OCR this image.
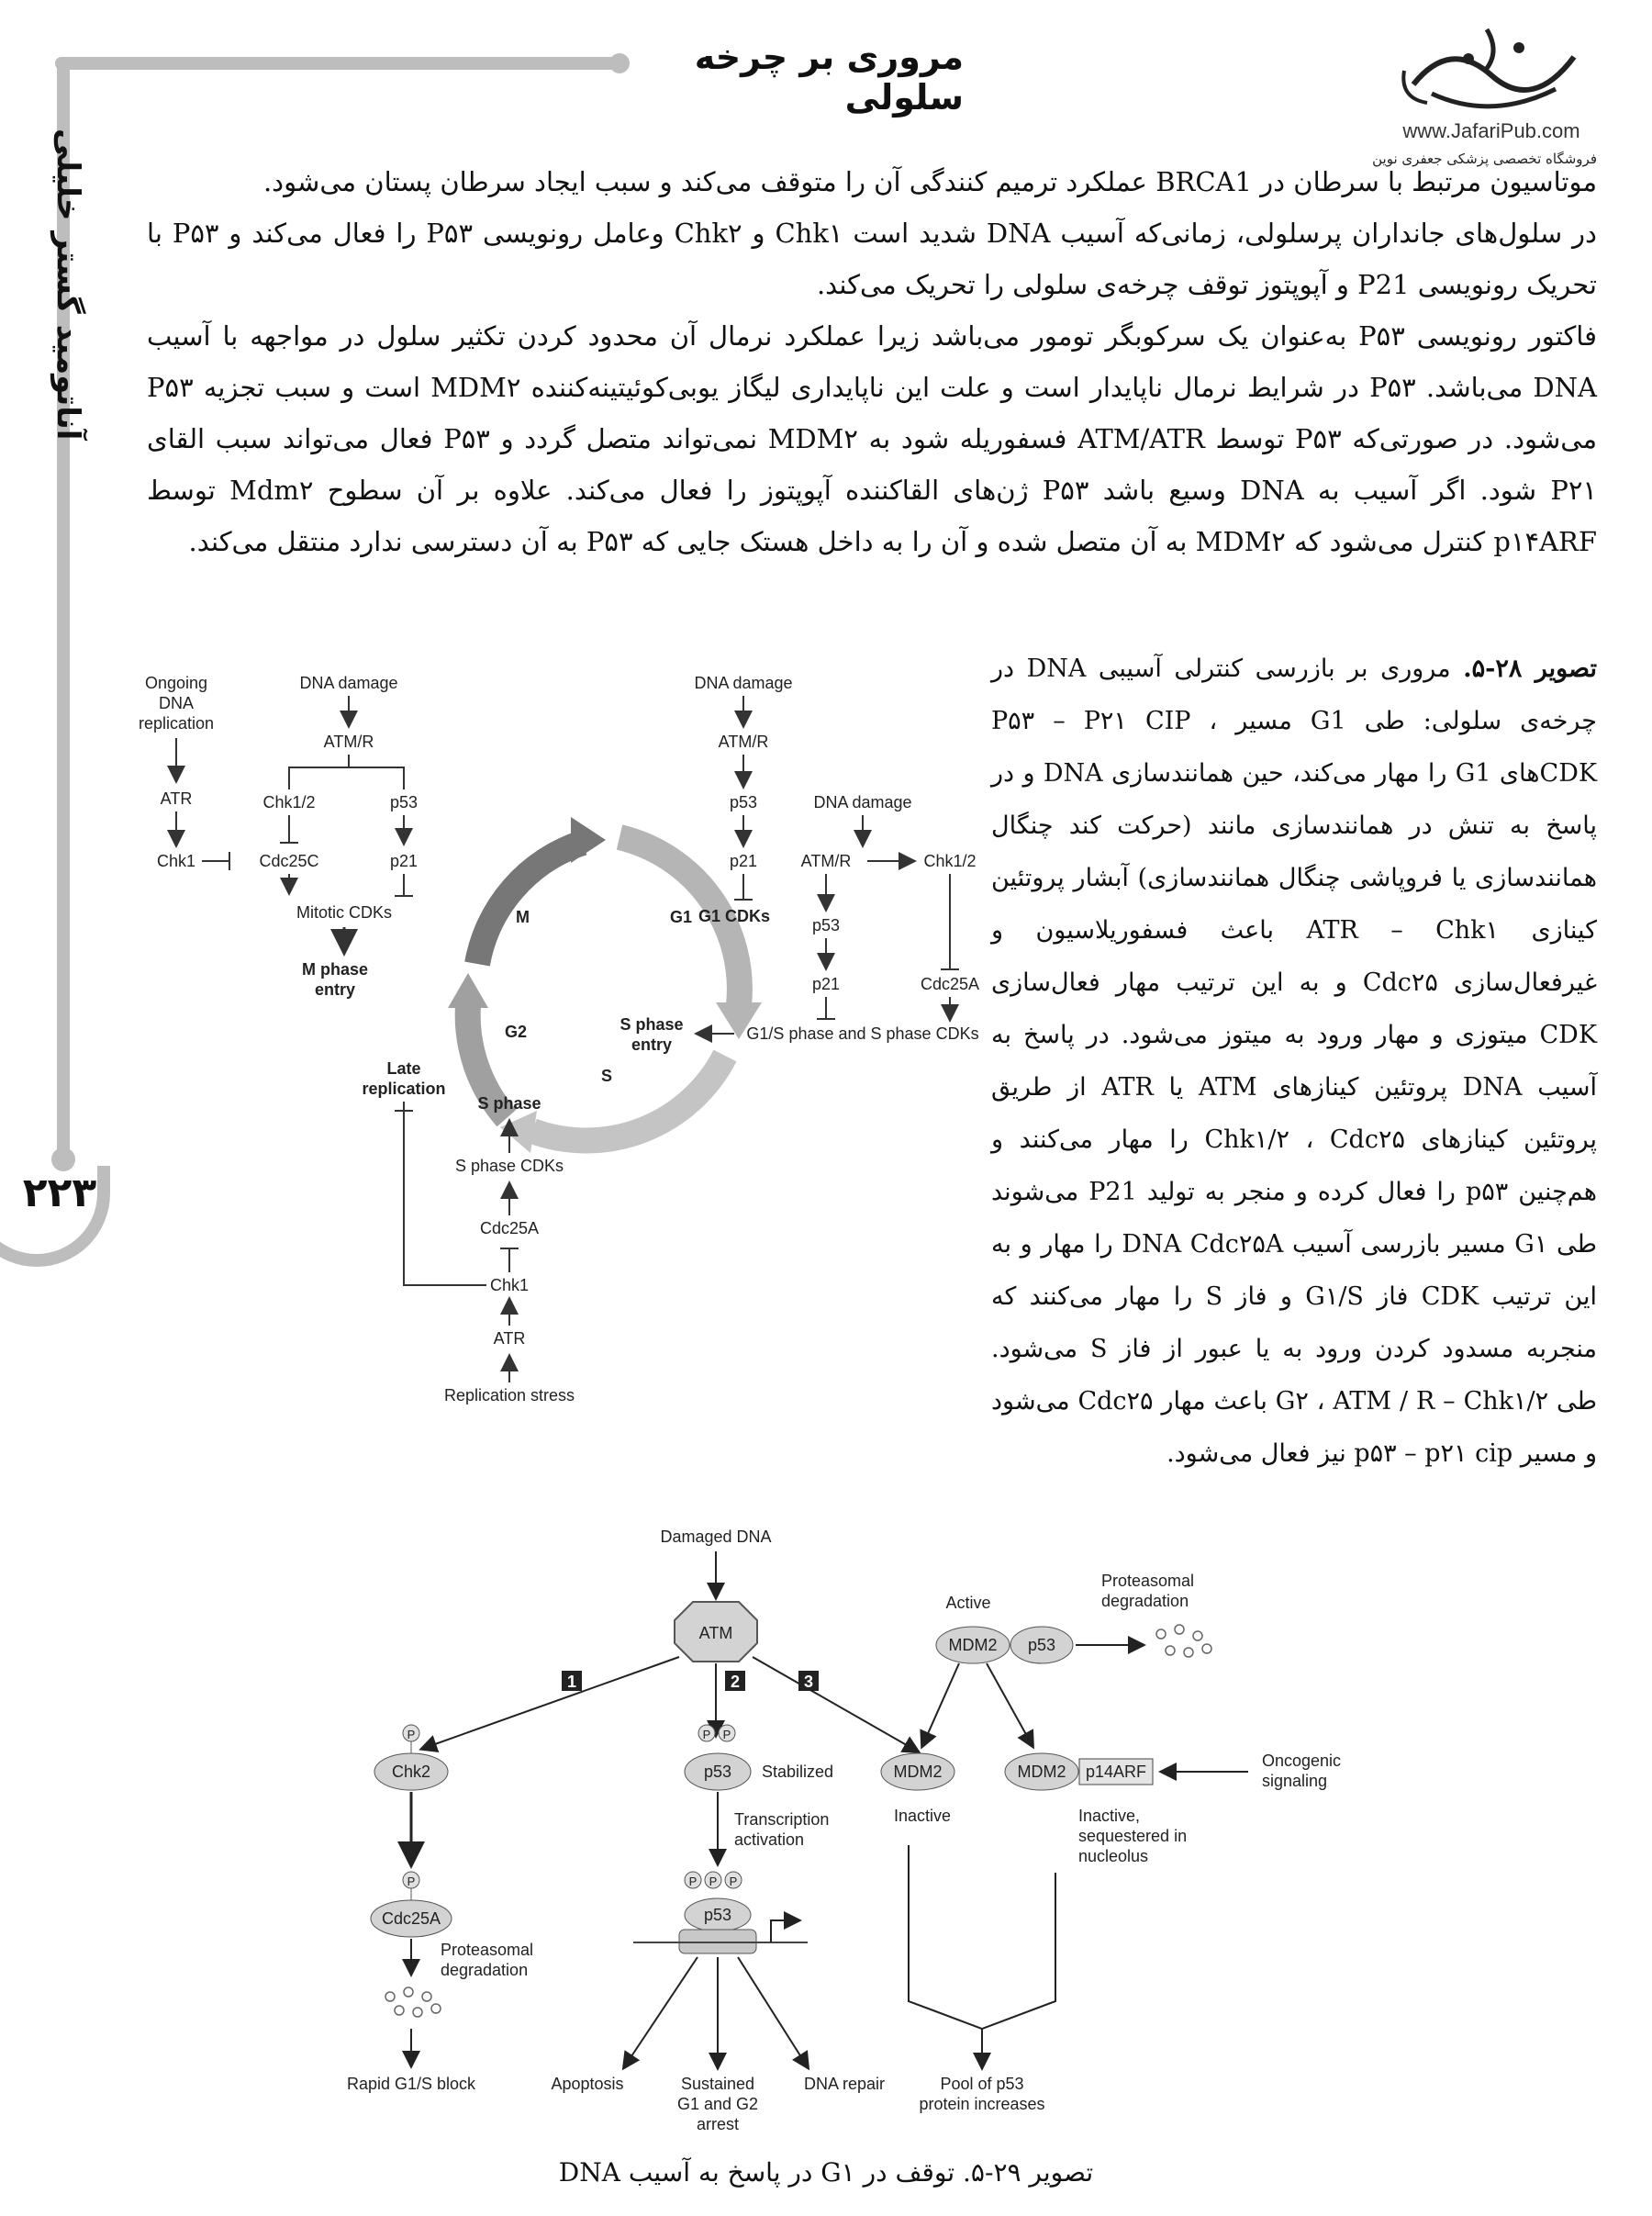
مروری بر چرخه سلولی
www.JafariPub.com
فروشگاه تخصصی پزشکی جعفری نوین
آناتومید گستر خلیلی
۲۲۳

موتاسیون مرتبط با سرطان در BRCA1 عملکرد ترمیم کنندگی آن را متوقف می‌کند و سبب ایجاد سرطان پستان می‌شود.

در سلول‌های جانداران پرسلولی، زمانی‌که آسیب DNA شدید است Chk۱ و Chk۲ وعامل رونویسی P۵۳ را فعال می‌کند و P۵۳ با تحریک رونویسی P21 و آپوپتوز توقف چرخه‌ی سلولی را تحریک می‌کند.

فاکتور رونویسی P۵۳ به‌عنوان یک سرکوبگر تومور می‌باشد زیرا عملکرد نرمال آن محدود کردن تکثیر سلول در مواجهه با آسیب DNA می‌باشد. P۵۳ در شرایط نرمال ناپایدار است و علت این ناپایداری لیگاز یوبی‌کوئیتینه‌کننده MDM۲ است و سبب تجزیه P۵۳ می‌شود. در صورتی‌که P۵۳ توسط ATM/ATR فسفوریله شود به MDM۲ نمی‌تواند متصل گردد و P۵۳ فعال می‌تواند سبب القای P۲۱ شود. اگر آسیب به DNA وسیع باشد P۵۳ ژن‌های القاکننده آپوپتوز را فعال می‌کند. علاوه بر آن سطوح Mdm۲ توسط p۱۴ARF کنترل می‌شود که MDM۲ به آن متصل شده و آن را به داخل هستک جایی که P۵۳ به آن دسترسی ندارد منتقل می‌کند.

تصویر ۲۸-۵. مروری بر بازرسی کنترلی آسیبی DNA در چرخه‌ی سلولی: طی G1 مسیر P۵۳ – P۲۱ CIP ، CDKهای G1 را مهار می‌کند، حین همانندسازی DNA و در پاسخ به تنش در همانندسازی مانند (حرکت کند چنگال همانندسازی یا فروپاشی چنگال همانندسازی) آبشار پروتئین کینازی ATR – Chk۱ باعث فسفوریلاسیون و غیرفعال‌سازی Cdc۲۵ و به این ترتیب مهار فعال‌سازی CDK میتوزی و مهار ورود به میتوز می‌شود. در پاسخ به آسیب DNA پروتئین کینازهای ATM یا ATR از طریق پروتئین کینازهای Chk۱/۲ ، Cdc۲۵ را مهار می‌کنند و هم‌چنین p۵۳ را فعال کرده و منجر به تولید P21 می‌شوند طی G۱ مسیر بازرسی آسیب DNA Cdc۲۵A را مهار و به این ترتیب CDK فاز G۱/S و فاز S را مهار می‌کنند که منجربه مسدود کردن ورود به یا عبور از فاز S می‌شود. طی G۲ ، ATM / R – Chk۱/۲ باعث مهار Cdc۲۵ می‌شود و مسیر p۵۳ – p۲۱ cip نیز فعال می‌شود.
Ongoing
DNA
replication
ATR
Chk1
DNA damage
ATM/R
Chk1/2	p53
Cdc25C	p21
Mitotic CDKs
M phase
entry
M	G1
S
G2
DNA damage
ATM/R
p53
p21
G1 CDKs
DNA damage
ATM/R	Chk1/2
p53
p21	Cdc25A
G1/S phase and S phase CDKs
S phase
entry
Late
replication
S phase
S phase CDKs
Cdc25A
Chk1
ATR
Replication stress
Damaged DNA
ATM
1	2	3
P
Chk2
P
Cdc25A
Proteasomal
degradation
Rapid G1/S block
P P
p53 Stabilized
Transcription
activation
P P P
p53
Apoptosis	Sustained
G1 and G2
arrest
DNA repair
Active
MDM2 p53
Proteasomal
degradation
MDM2
Inactive
MDM2 p14ARF
Oncogenic
signaling
Inactive,
sequestered in
nucleolus
Pool of p53
protein increases
تصویر ۲۹-۵. توقف در G۱ در پاسخ به آسیب DNA
